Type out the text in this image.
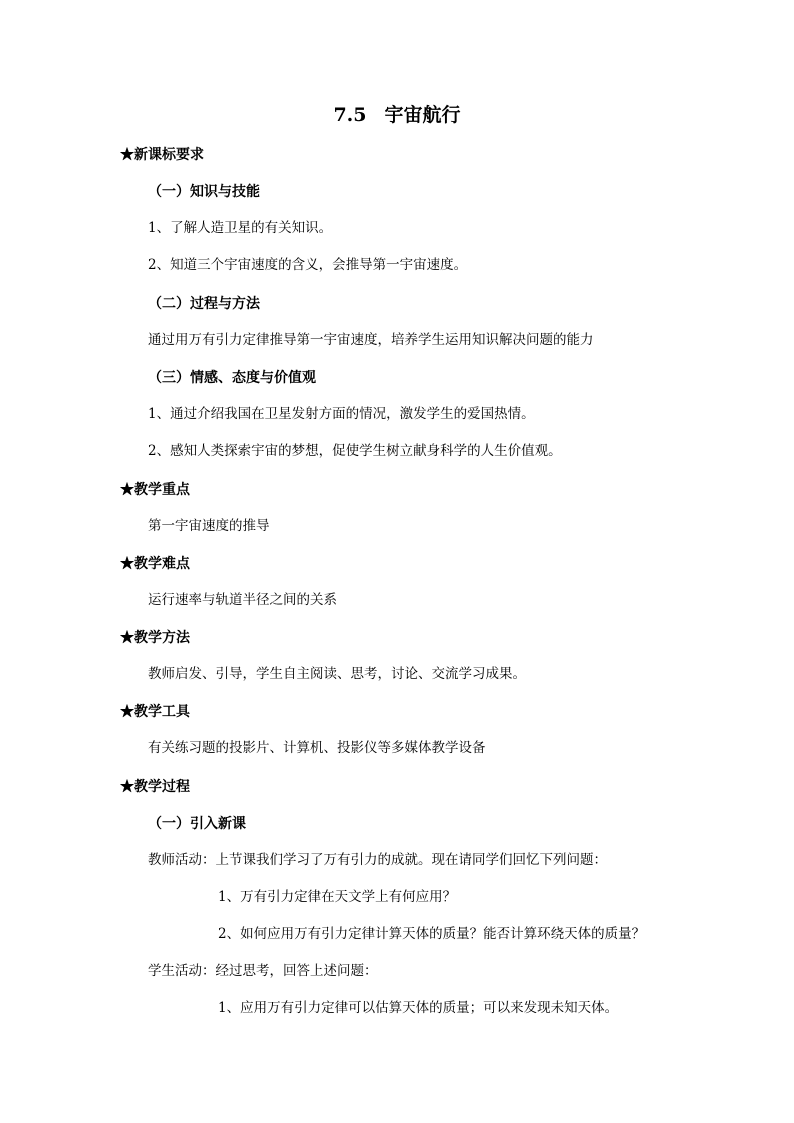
7.5 宇宙航行
★新课标要求
（一）知识与技能
1、了解人造卫星的有关知识。
2、知道三个宇宙速度的含义，会推导第一宇宙速度。
（二）过程与方法
通过用万有引力定律推导第一宇宙速度，培养学生运用知识解决问题的能力
（三）情感、态度与价值观
1、通过介绍我国在卫星发射方面的情况，激发学生的爱国热情。
2、感知人类探索宇宙的梦想，促使学生树立献身科学的人生价值观。
★教学重点
第一宇宙速度的推导
★教学难点
运行速率与轨道半径之间的关系
★教学方法
教师启发、引导，学生自主阅读、思考，讨论、交流学习成果。
★教学工具
有关练习题的投影片、计算机、投影仪等多媒体教学设备
★教学过程
（一）引入新课
教师活动：上节课我们学习了万有引力的成就。现在请同学们回忆下列问题：
1、万有引力定律在天文学上有何应用？
2、如何应用万有引力定律计算天体的质量？能否计算环绕天体的质量？
学生活动：经过思考，回答上述问题：
1、应用万有引力定律可以估算天体的质量；可以来发现未知天体。
